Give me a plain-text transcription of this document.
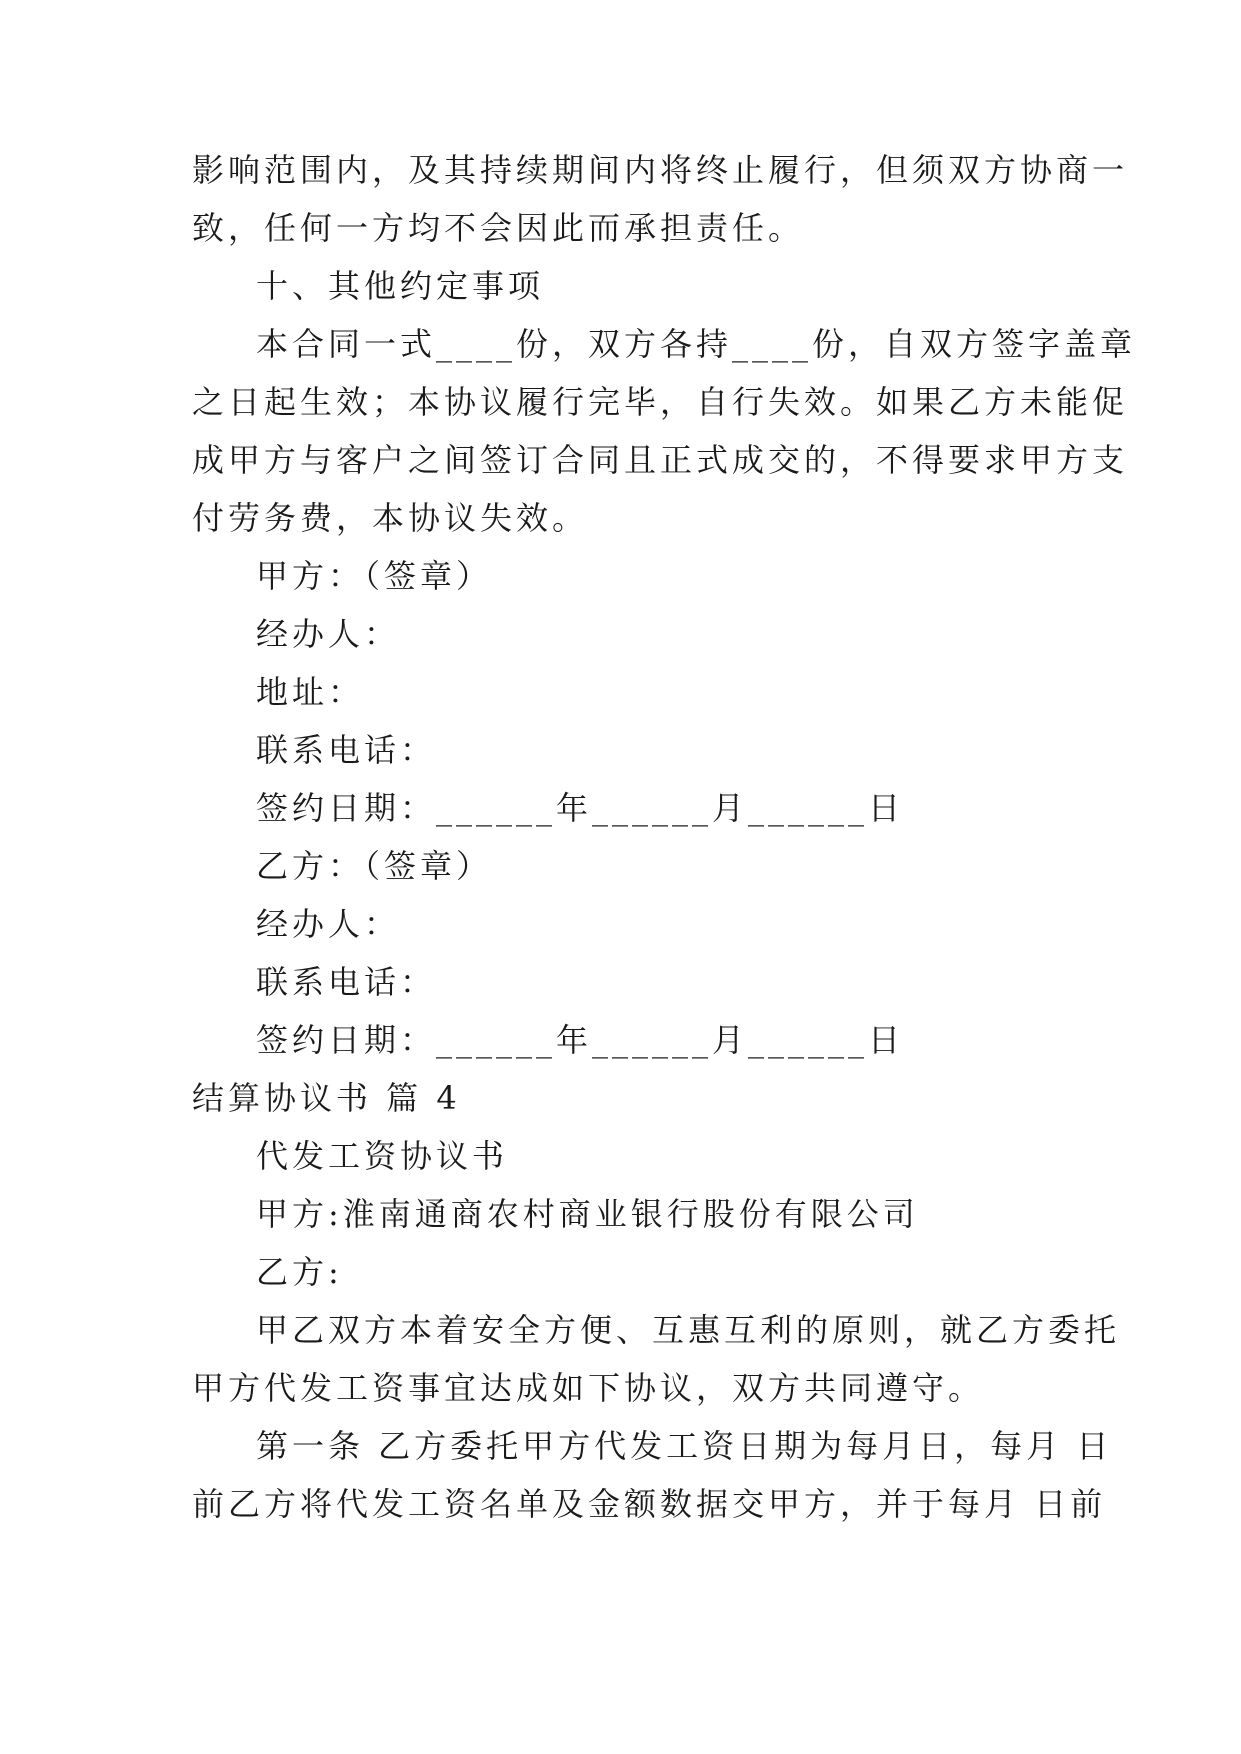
影响范围内，及其持续期间内将终止履行，但须双方协商一
致，任何一方均不会因此而承担责任。
十、其他约定事项
本合同一式____份，双方各持____份，自双方签字盖章
之日起生效；本协议履行完毕，自行失效。如果乙方未能促
成甲方与客户之间签订合同且正式成交的，不得要求甲方支
付劳务费，本协议失效。
甲方：（签章）
经办人：
地址：
联系电话：
签约日期：______年______月______日
乙方：（签章）
经办人：
联系电话：
签约日期：______年______月______日
结算协议书 篇 4
代发工资协议书
甲方:淮南通商农村商业银行股份有限公司
乙方:
甲乙双方本着安全方便、互惠互利的原则，就乙方委托
甲方代发工资事宜达成如下协议，双方共同遵守。
第一条 乙方委托甲方代发工资日期为每月日，每月 日
前乙方将代发工资名单及金额数据交甲方，并于每月 日前
